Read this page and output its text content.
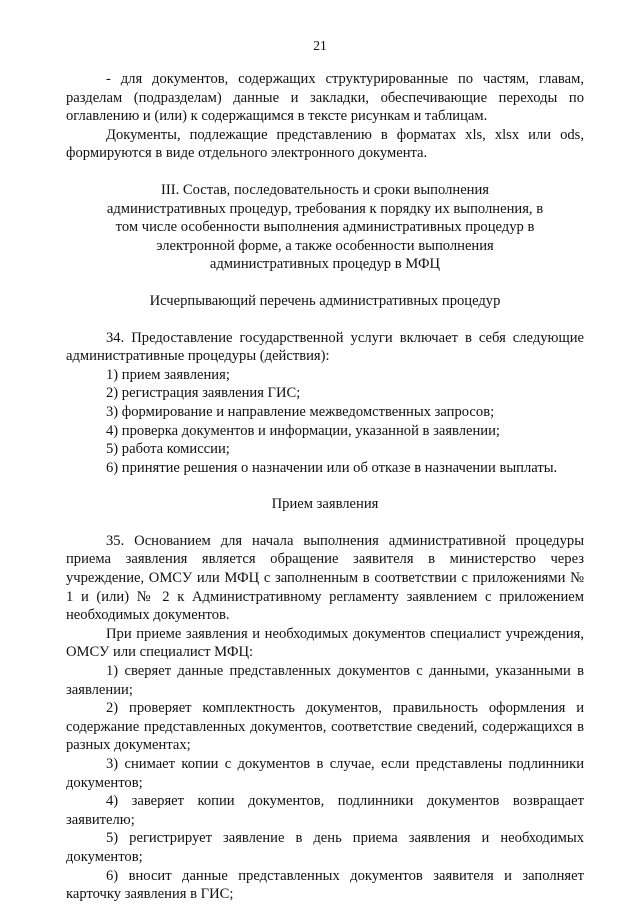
21

- для документов, содержащих структурированные по частям, главам, разделам (подразделам) данные и закладки, обеспечивающие переходы по оглавлению и (или) к содержащимся в тексте рисункам и таблицам.

Документы, подлежащие представлению в форматах xls, xlsx или ods, формируются в виде отдельного электронного документа.

III. Состав, последовательность и сроки выполнения административных процедур, требования к порядку их выполнения, в том числе особенности выполнения административных процедур в электронной форме, а также особенности выполнения административных процедур в МФЦ

Исчерпывающий перечень административных процедур

34. Предоставление государственной услуги включает в себя следующие административные процедуры (действия):

1) прием заявления;

2) регистрация заявления ГИС;

3) формирование и направление межведомственных запросов;

4) проверка документов и информации, указанной в заявлении;

5) работа комиссии;

6) принятие решения о назначении или об отказе в назначении выплаты.

Прием заявления

35. Основанием для начала выполнения административной процедуры приема заявления является обращение заявителя в министерство через учреждение, ОМСУ или МФЦ с заполненным в соответствии с приложениями № 1 и (или) № 2 к Административному регламенту заявлением с приложением необходимых документов.

При приеме заявления и необходимых документов специалист учреждения, ОМСУ или специалист МФЦ:

1) сверяет данные представленных документов с данными, указанными в заявлении;

2) проверяет комплектность документов, правильность оформления и содержание представленных документов, соответствие сведений, содержащихся в разных документах;

3) снимает копии с документов в случае, если представлены подлинники документов;

4) заверяет копии документов, подлинники документов возвращает заявителю;

5) регистрирует заявление в день приема заявления и необходимых документов;

6) вносит данные представленных документов заявителя и заполняет карточку заявления в ГИС;
